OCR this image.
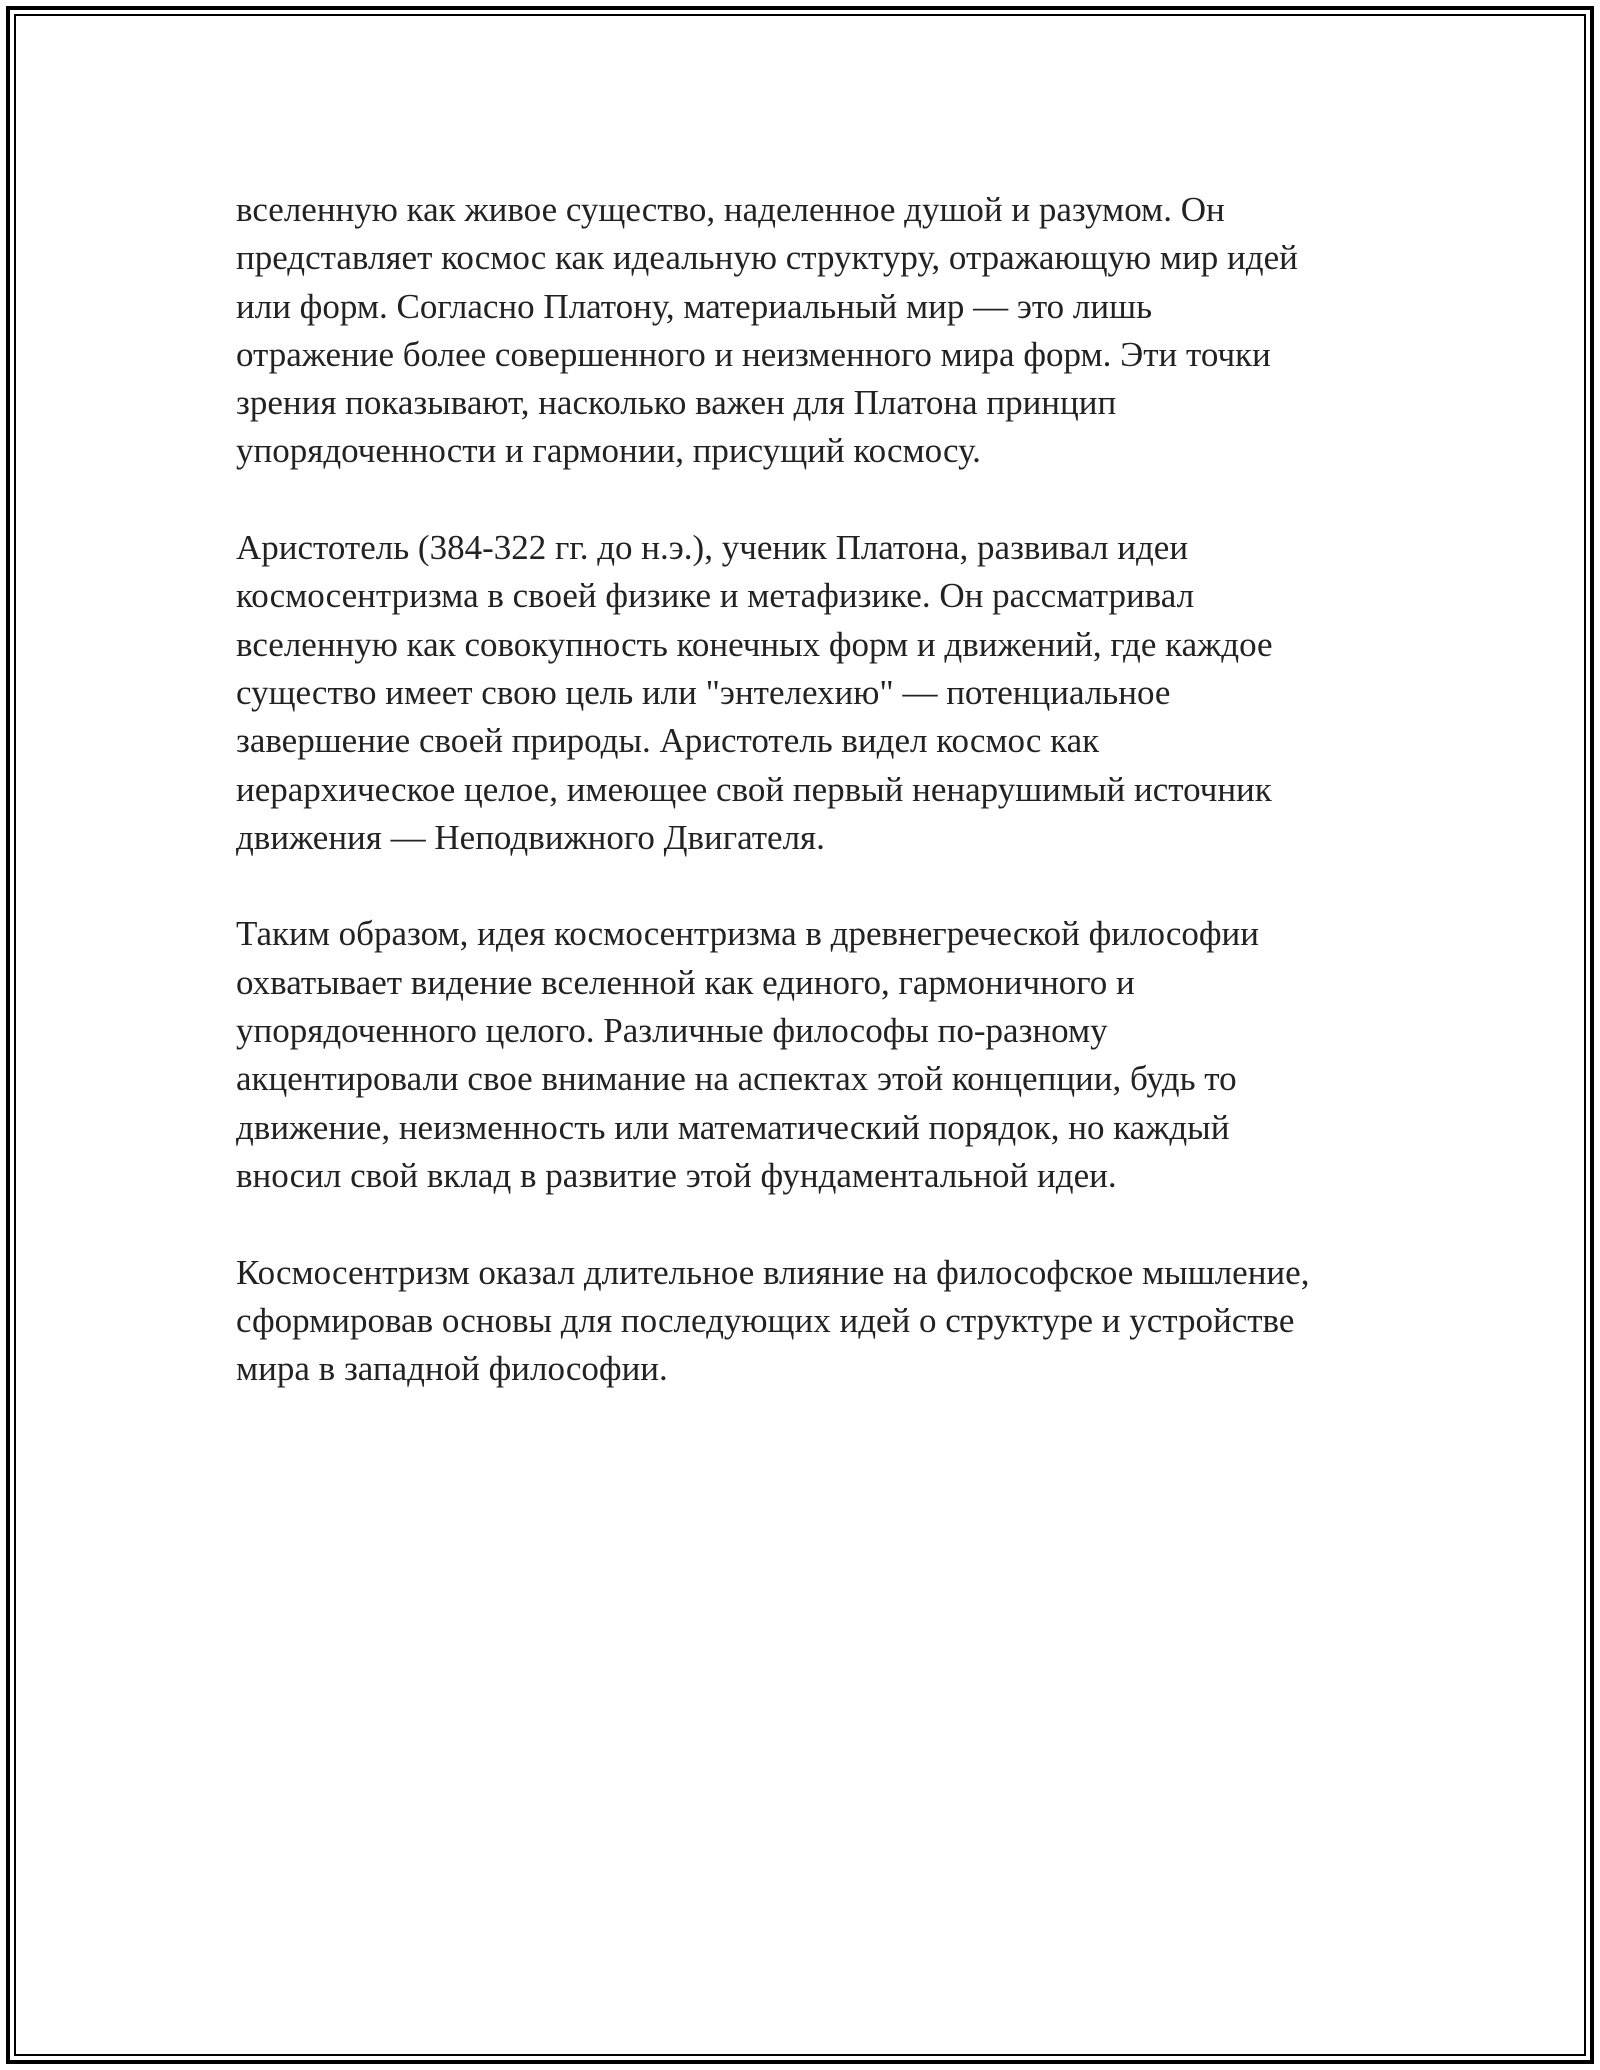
вселенную как живое существо, наделенное душой и разумом. Он
представляет космос как идеальную структуру, отражающую мир идей
или форм. Согласно Платону, материальный мир — это лишь
отражение более совершенного и неизменного мира форм. Эти точки
зрения показывают, насколько важен для Платона принцип
упорядоченности и гармонии, присущий космосу.

Аристотель (384-322 гг. до н.э.), ученик Платона, развивал идеи
космосентризма в своей физике и метафизике. Он рассматривал
вселенную как совокупность конечных форм и движений, где каждое
существо имеет свою цель или "энтелехию" — потенциальное
завершение своей природы. Аристотель видел космос как
иерархическое целое, имеющее свой первый ненарушимый источник
движения — Неподвижного Двигателя.

Таким образом, идея космосентризма в древнегреческой философии
охватывает видение вселенной как единого, гармоничного и
упорядоченного целого. Различные философы по-разному
акцентировали свое внимание на аспектах этой концепции, будь то
движение, неизменность или математический порядок, но каждый
вносил свой вклад в развитие этой фундаментальной идеи.

Космосентризм оказал длительное влияние на философское мышление,
сформировав основы для последующих идей о структуре и устройстве
мира в западной философии.
